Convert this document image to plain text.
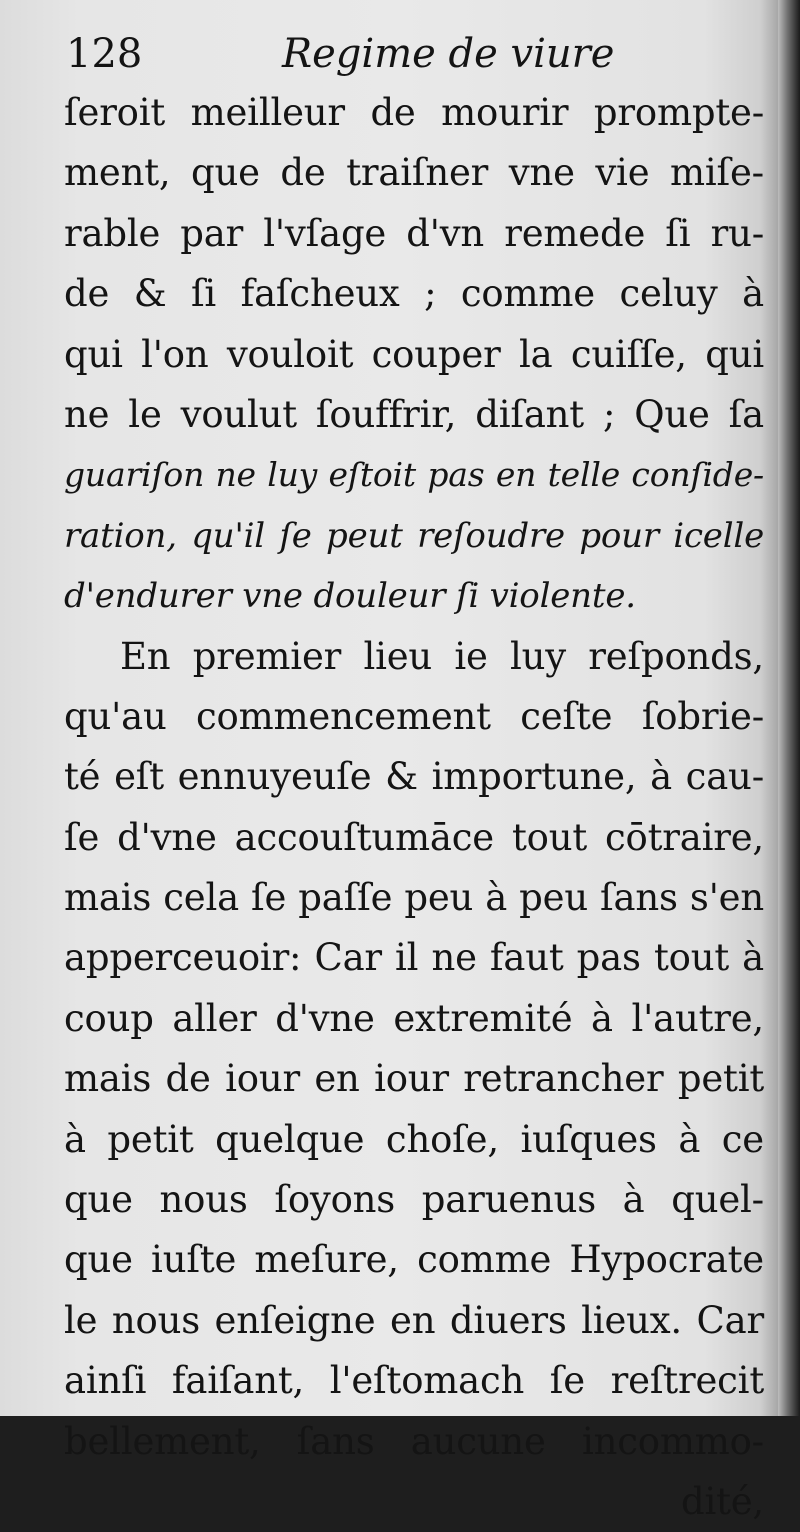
128	Regime de viure
ſeroit meilleur de mourir prompte-
ment, que de traiſner vne vie miſe-
rable par l'vſage d'vn remede ſi ru-
de & ſi faſcheux ; comme celuy à
qui l'on vouloit couper la cuiſſe, qui
ne le voulut ſouffrir, diſant ; Que ſa
guariſon ne luy eſtoit pas en telle conſide-
ration, qu'il ſe peut reſoudre pour icelle
d'endurer vne douleur ſi violente.
En premier lieu ie luy reſponds,
qu'au commencement ceſte ſobrie-
té eſt ennuyeuſe & importune, à cau-
ſe d'vne accouſtumāce tout cōtraire,
mais cela ſe paſſe peu à peu ſans s'en
apperceuoir: Car il ne faut pas tout à
coup aller d'vne extremité à l'autre,
mais de iour en iour retrancher petit
à petit quelque choſe, iuſques à ce
que nous ſoyons paruenus à quel-
que iuſte meſure, comme Hypocrate
le nous enſeigne en diuers lieux. Car
ainſi faiſant, l'eſtomach ſe reſtrecit
bellement, ſans aucune incommo-
dité,
